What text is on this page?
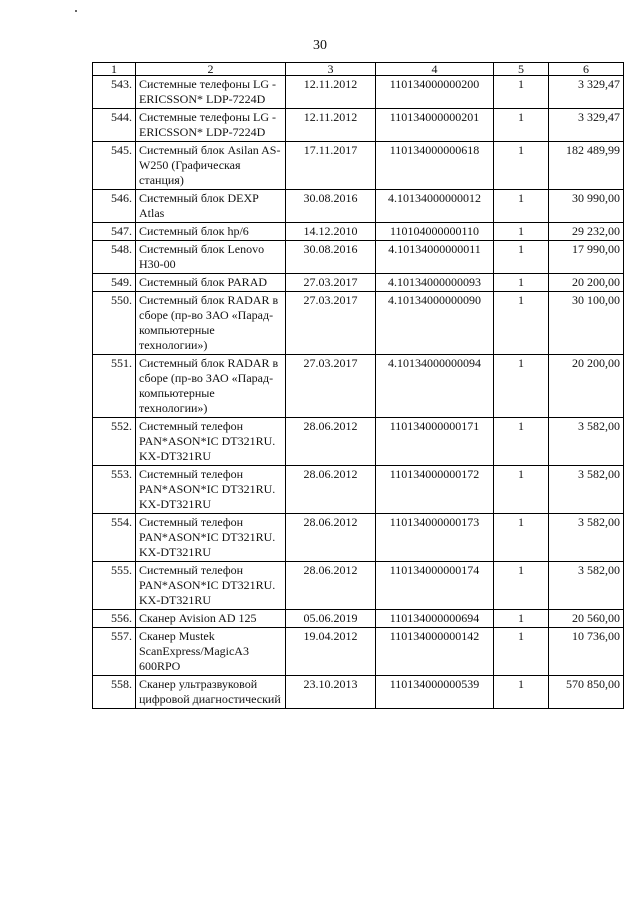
30
1	2	3	4	5	6
543.	Системные телефоны LG -ERICSSON* LDP-7224D	12.11.2012	110134000000200	1	3 329,47
544.	Системные телефоны LG -ERICSSON* LDP-7224D	12.11.2012	110134000000201	1	3 329,47
545.	Системный блок Asilan AS-W250 (Графическая станция)	17.11.2017	110134000000618	1	182 489,99
546.	Системный блок DEXP Atlas	30.08.2016	4.10134000000012	1	30 990,00
547.	Системный блок hp/6	14.12.2010	110104000000110	1	29 232,00
548.	Системный блок Lenovo H30-00	30.08.2016	4.10134000000011	1	17 990,00
549.	Системный блок PARAD	27.03.2017	4.10134000000093	1	20 200,00
550.	Системный блок RADAR в сборе (пр-во ЗАО «Парад-компьютерные технологии»)	27.03.2017	4.10134000000090	1	30 100,00
551.	Системный блок RADAR в сборе (пр-во ЗАО «Парад-компьютерные технологии»)	27.03.2017	4.10134000000094	1	20 200,00
552.	Системный телефон PAN*ASON*IC DT321RU. KX-DT321RU	28.06.2012	110134000000171	1	3 582,00
553.	Системный телефон PAN*ASON*IC DT321RU. KX-DT321RU	28.06.2012	110134000000172	1	3 582,00
554.	Системный телефон PAN*ASON*IC DT321RU. KX-DT321RU	28.06.2012	110134000000173	1	3 582,00
555.	Системный телефон PAN*ASON*IC DT321RU. KX-DT321RU	28.06.2012	110134000000174	1	3 582,00
556.	Сканер Avision AD 125	05.06.2019	110134000000694	1	20 560,00
557.	Сканер Mustek ScanExpress/MagicA3 600RPO	19.04.2012	110134000000142	1	10 736,00
558.	Сканер ультразвуковой цифровой диагностический	23.10.2013	110134000000539	1	570 850,00
